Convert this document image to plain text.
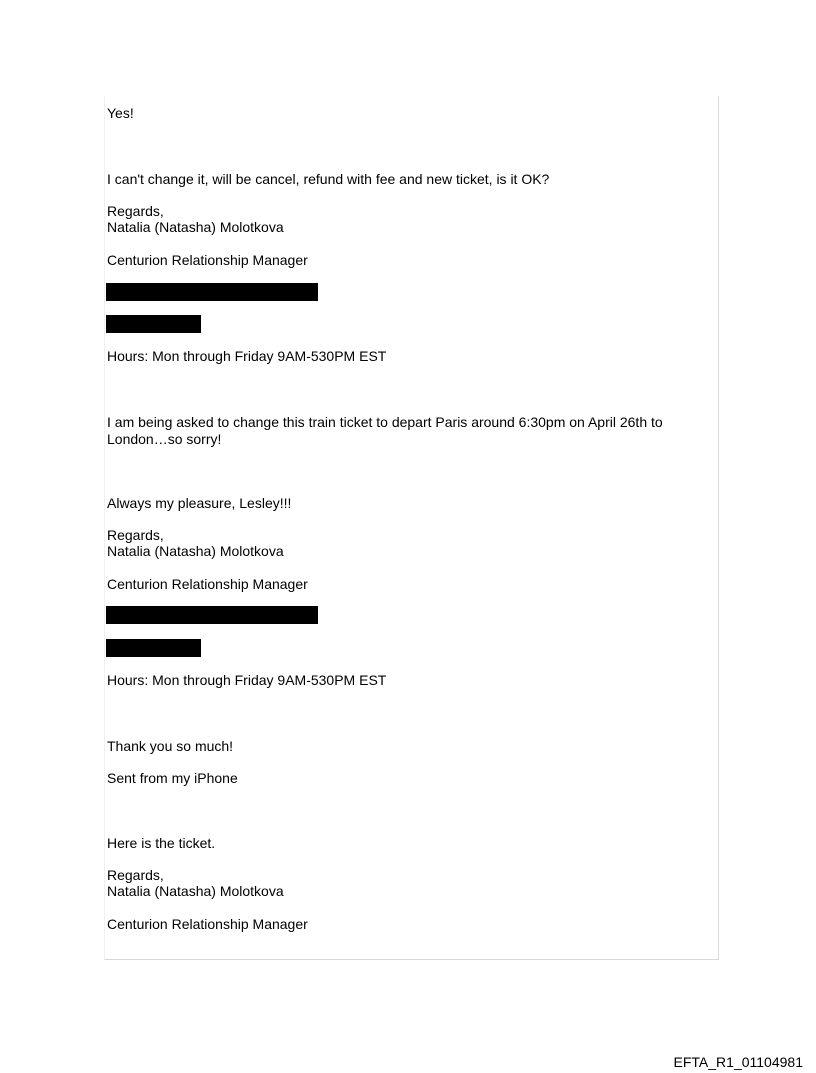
Yes!
I can't change it, will be cancel, refund with fee and new ticket, is it OK?
Regards,
Natalia (Natasha) Molotkova
Centurion Relationship Manager
Hours: Mon through Friday 9AM-530PM EST
I am being asked to change this train ticket to depart Paris around 6:30pm on April 26th to London…so sorry!
Always my pleasure, Lesley!!!
Regards,
Natalia (Natasha) Molotkova
Centurion Relationship Manager
Hours: Mon through Friday 9AM-530PM EST
Thank you so much!
Sent from my iPhone
Here is the ticket.
Regards,
Natalia (Natasha) Molotkova
Centurion Relationship Manager
EFTA_R1_01104981
